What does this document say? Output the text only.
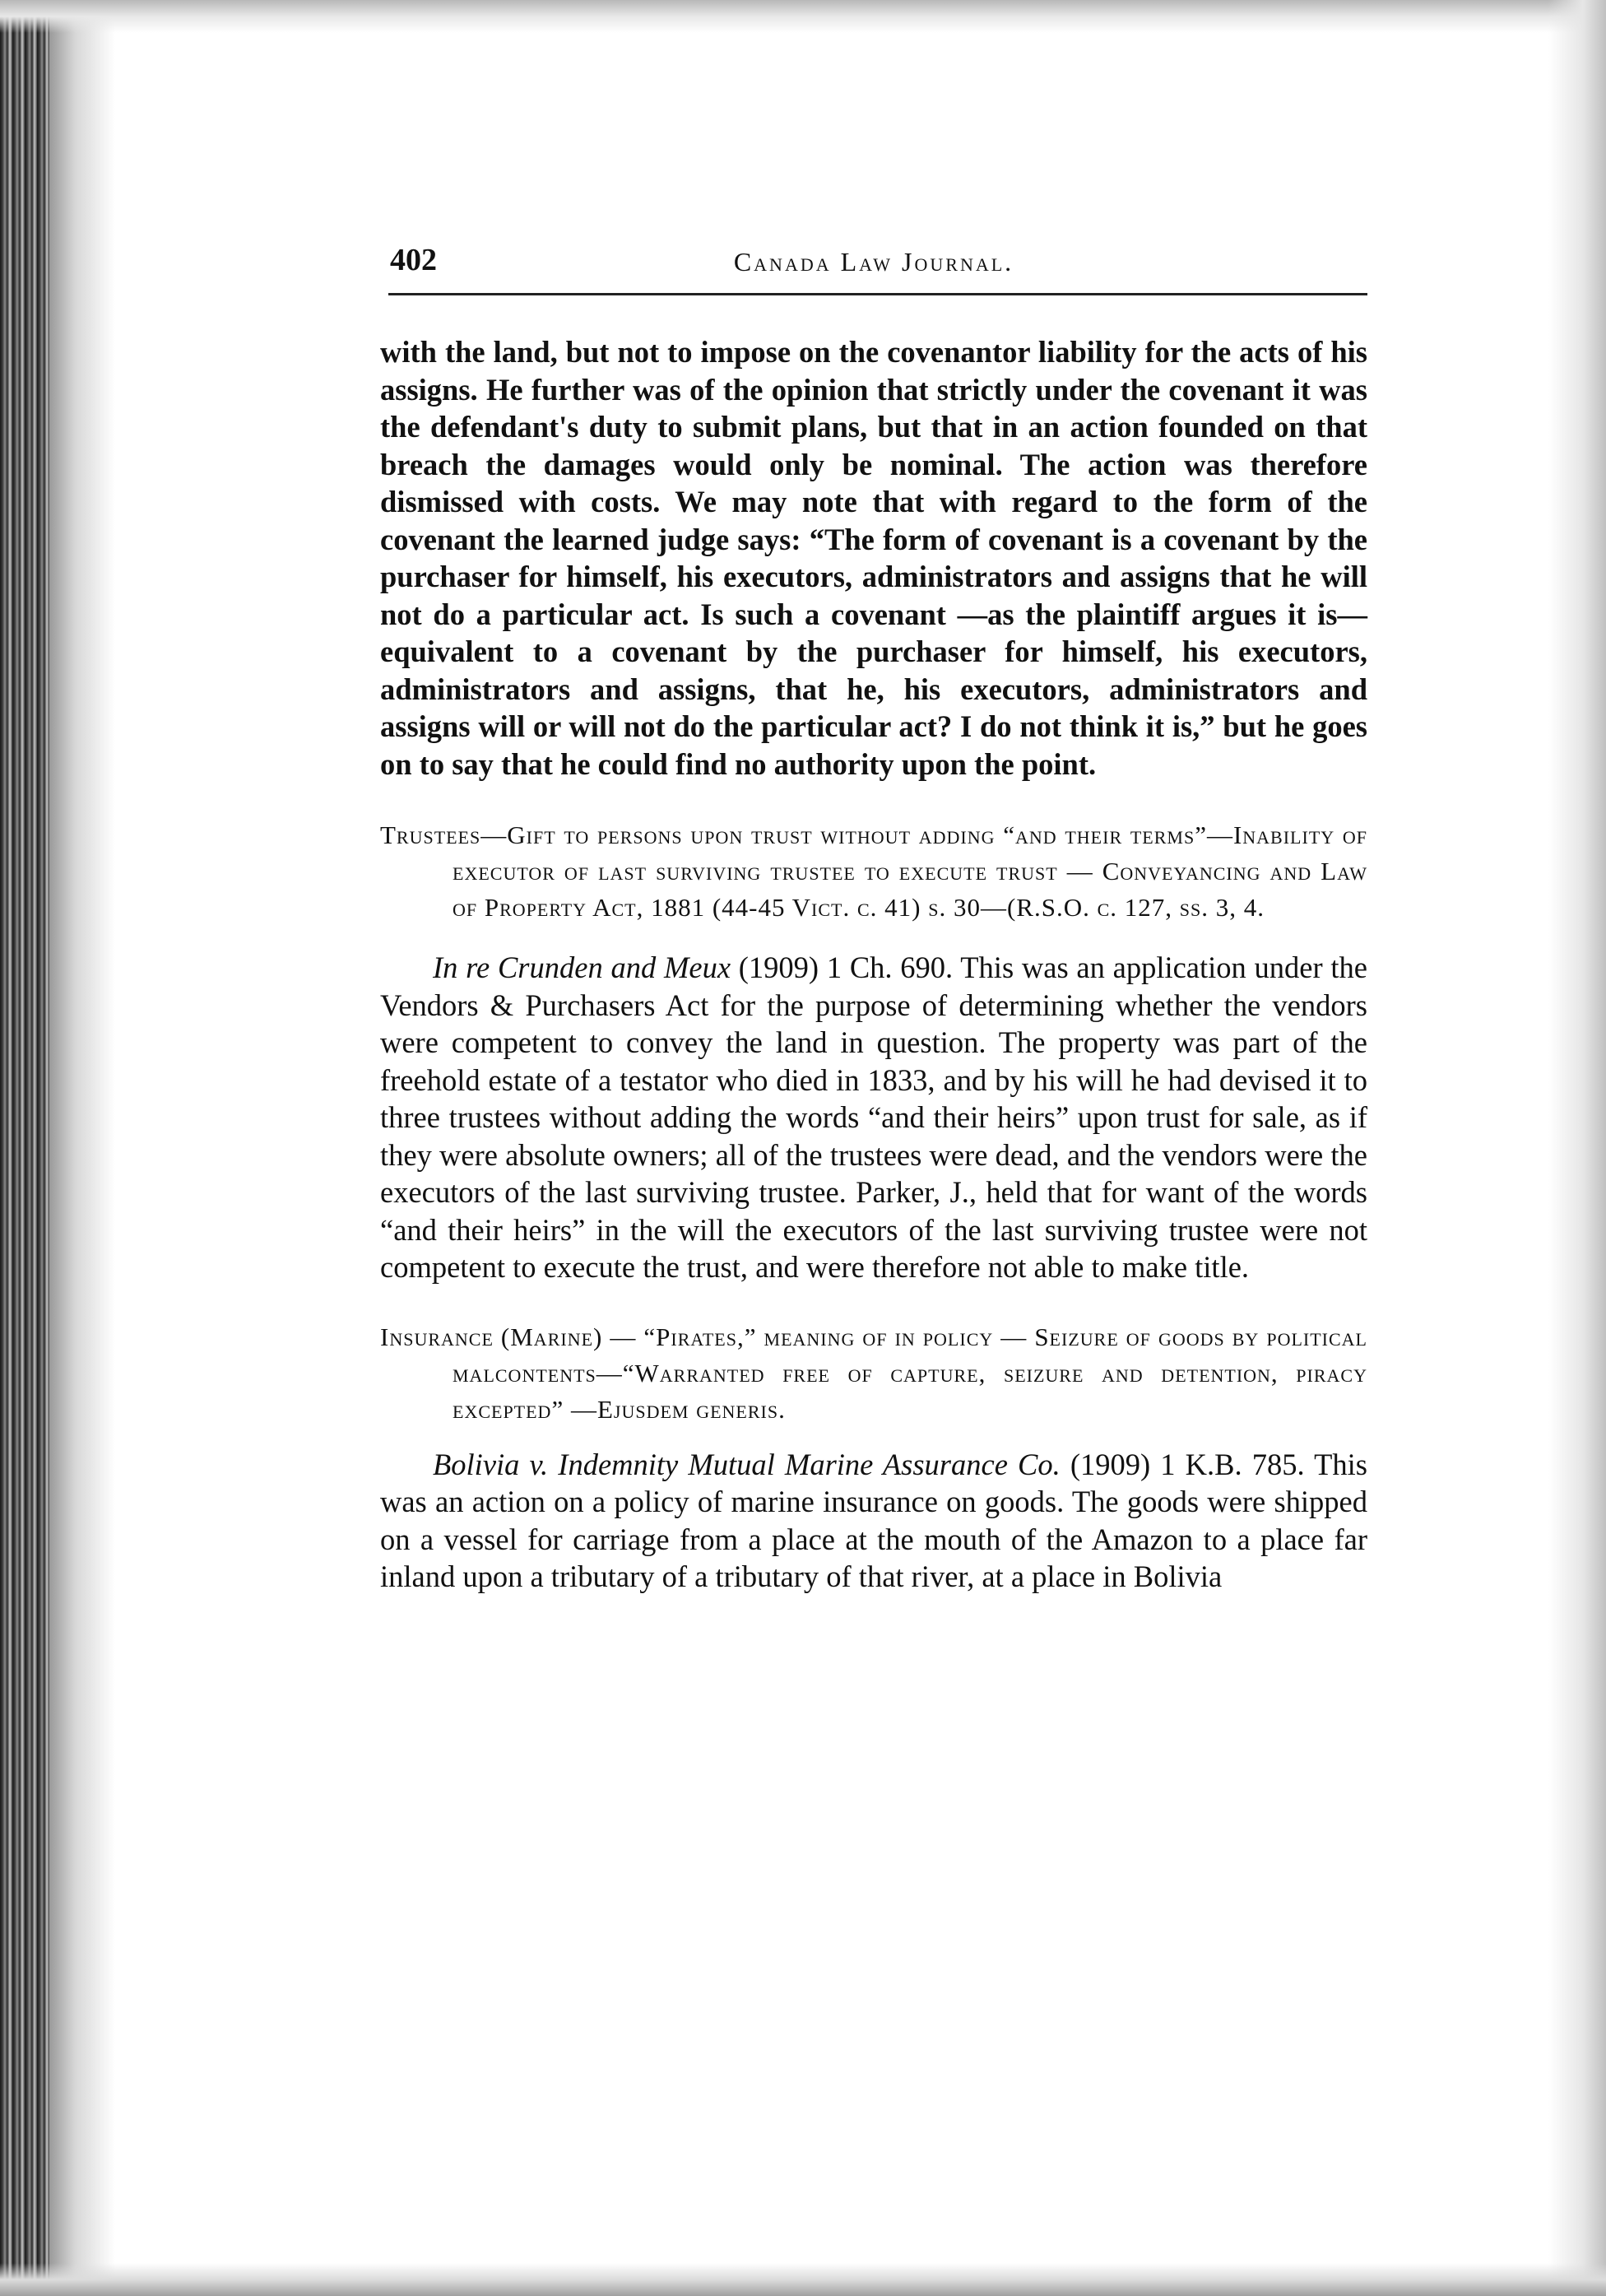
402	Canada Law Journal.

with the land, but not to impose on the covenantor liability for the acts of his assigns. He further was of the opinion that strictly under the covenant it was the defendant's duty to submit plans, but that in an action founded on that breach the damages would only be nominal. The action was therefore dismissed with costs. We may note that with regard to the form of the covenant the learned judge says: “The form of covenant is a covenant by the purchaser for himself, his executors, administrators and assigns that he will not do a particular act. Is such a covenant —as the plaintiff argues it is—equivalent to a covenant by the purchaser for himself, his executors, administrators and assigns, that he, his executors, administrators and assigns will or will not do the particular act? I do not think it is,” but he goes on to say that he could find no authority upon the point.

Trustees—Gift to persons upon trust without adding “and their terms”—Inability of executor of last surviving trustee to execute trust — Conveyancing and Law of Property Act, 1881 (44-45 Vict. c. 41) s. 30—(R.S.O. c. 127, ss. 3, 4.

In re Crunden and Meux (1909) 1 Ch. 690. This was an application under the Vendors & Purchasers Act for the purpose of determining whether the vendors were competent to convey the land in question. The property was part of the freehold estate of a testator who died in 1833, and by his will he had devised it to three trustees without adding the words “and their heirs” upon trust for sale, as if they were absolute owners; all of the trustees were dead, and the vendors were the executors of the last surviving trustee. Parker, J., held that for want of the words “and their heirs” in the will the executors of the last surviving trustee were not competent to execute the trust, and were therefore not able to make title.

Insurance (Marine) — “Pirates,” meaning of in policy — Seizure of goods by political malcontents—“Warranted free of capture, seizure and detention, piracy excepted” —Ejusdem generis.

Bolivia v. Indemnity Mutual Marine Assurance Co. (1909) 1 K.B. 785. This was an action on a policy of marine insurance on goods. The goods were shipped on a vessel for carriage from a place at the mouth of the Amazon to a place far inland upon a tributary of a tributary of that river, at a place in Bolivia
